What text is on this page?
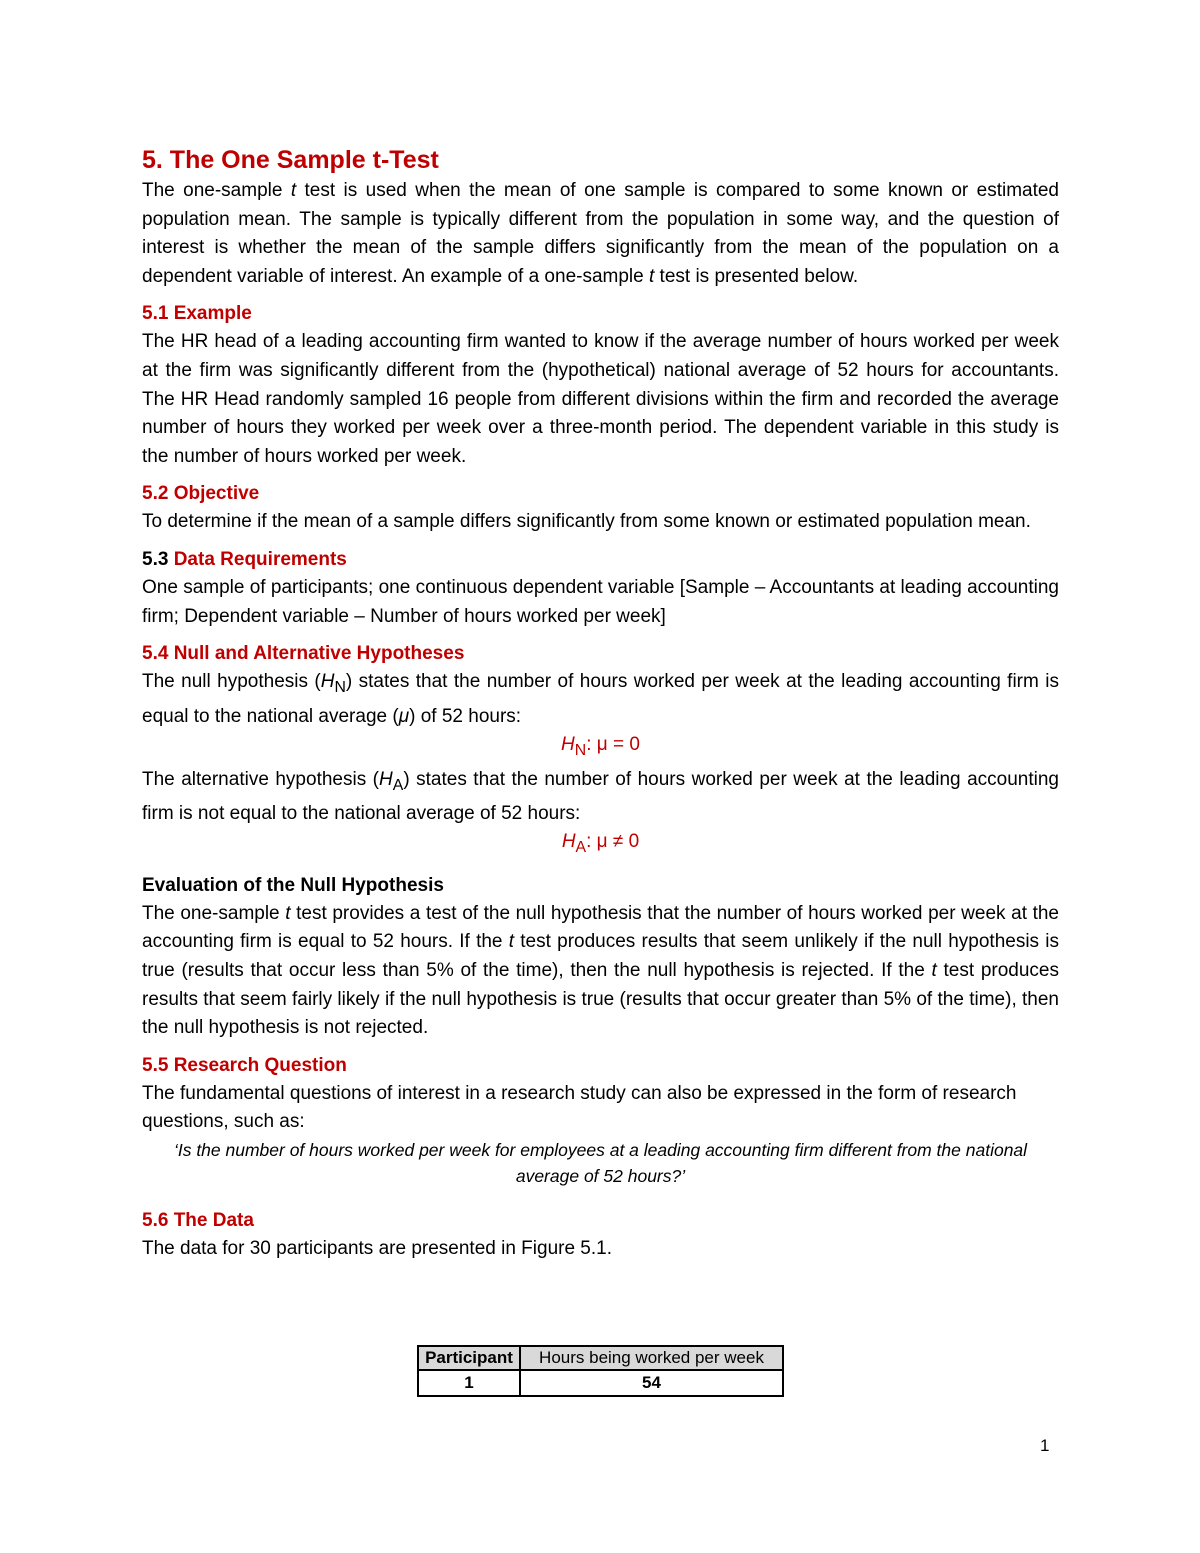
5. The One Sample t-Test

The one-sample t test is used when the mean of one sample is compared to some known or estimated population mean. The sample is typically different from the population in some way, and the question of interest is whether the mean of the sample differs significantly from the mean of the population on a dependent variable of interest. An example of a one-sample t test is presented below.

5.1 Example

The HR head of a leading accounting firm wanted to know if the average number of hours worked per week at the firm was significantly different from the (hypothetical) national average of 52 hours for accountants. The HR Head randomly sampled 16 people from different divisions within the firm and recorded the average number of hours they worked per week over a three-month period. The dependent variable in this study is the number of hours worked per week.

5.2 Objective

To determine if the mean of a sample differs significantly from some known or estimated population mean.

5.3 Data Requirements

One sample of participants; one continuous dependent variable [Sample – Accountants at leading accounting firm; Dependent variable – Number of hours worked per week]

5.4 Null and Alternative Hypotheses

The null hypothesis $(H_N)$ states that the number of hours worked per week at the leading accounting firm is equal to the national average (μ) of 52 hours:

$H_N$: μ = 0

The alternative hypothesis $(H_A)$ states that the number of hours worked per week at the leading accounting firm is not equal to the national average of 52 hours:

$H_A$: μ ≠ 0

Evaluation of the Null Hypothesis

The one-sample t test provides a test of the null hypothesis that the number of hours worked per week at the accounting firm is equal to 52 hours. If the t test produces results that seem unlikely if the null hypothesis is true (results that occur less than 5% of the time), then the null hypothesis is rejected. If the t test produces results that seem fairly likely if the null hypothesis is true (results that occur greater than 5% of the time), then the null hypothesis is not rejected.

5.5 Research Question

The fundamental questions of interest in a research study can also be expressed in the form of research questions, such as:

‘Is the number of hours worked per week for employees at a leading accounting firm different from the national average of 52 hours?’

5.6 The Data

The data for 30 participants are presented in Figure 5.1.

Participant	Hours being worked per week
1	54
1
